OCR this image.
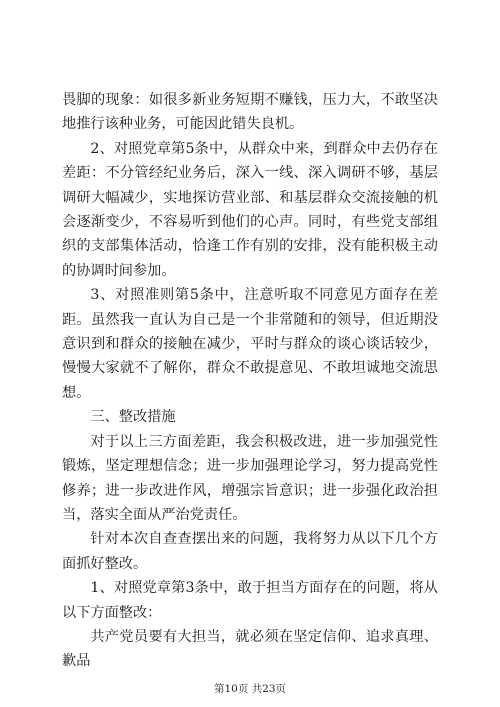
畏脚的现象：如很多新业务短期不赚钱，压力大，不敢坚决地推行该种业务，可能因此错失良机。

2、对照党章第5条中，从群众中来，到群众中去仍存在差距：不分管经纪业务后，深入一线、深入调研不够，基层调研大幅减少，实地探访营业部、和基层群众交流接触的机会逐渐变少，不容易听到他们的心声。同时，有些党支部组织的支部集体活动，恰逢工作有别的安排，没有能积极主动的协调时间参加。

3、对照准则第5条中，注意听取不同意见方面存在差距。虽然我一直认为自己是一个非常随和的领导，但近期没意识到和群众的接触在减少，平时与群众的谈心谈话较少，慢慢大家就不了解你，群众不敢提意见、不敢坦诚地交流思想。

三、整改措施

对于以上三方面差距，我会积极改进，进一步加强党性锻炼，坚定理想信念；进一步加强理论学习，努力提高党性修养；进一步改进作风，增强宗旨意识；进一步强化政治担当，落实全面从严治党责任。

针对本次自查查摆出来的问题，我将努力从以下几个方面抓好整改。

1、对照党章第3条中，敢于担当方面存在的问题，将从以下方面整改：

共产党员要有大担当，就必须在坚定信仰、追求真理、歉品

第10页 共23页
